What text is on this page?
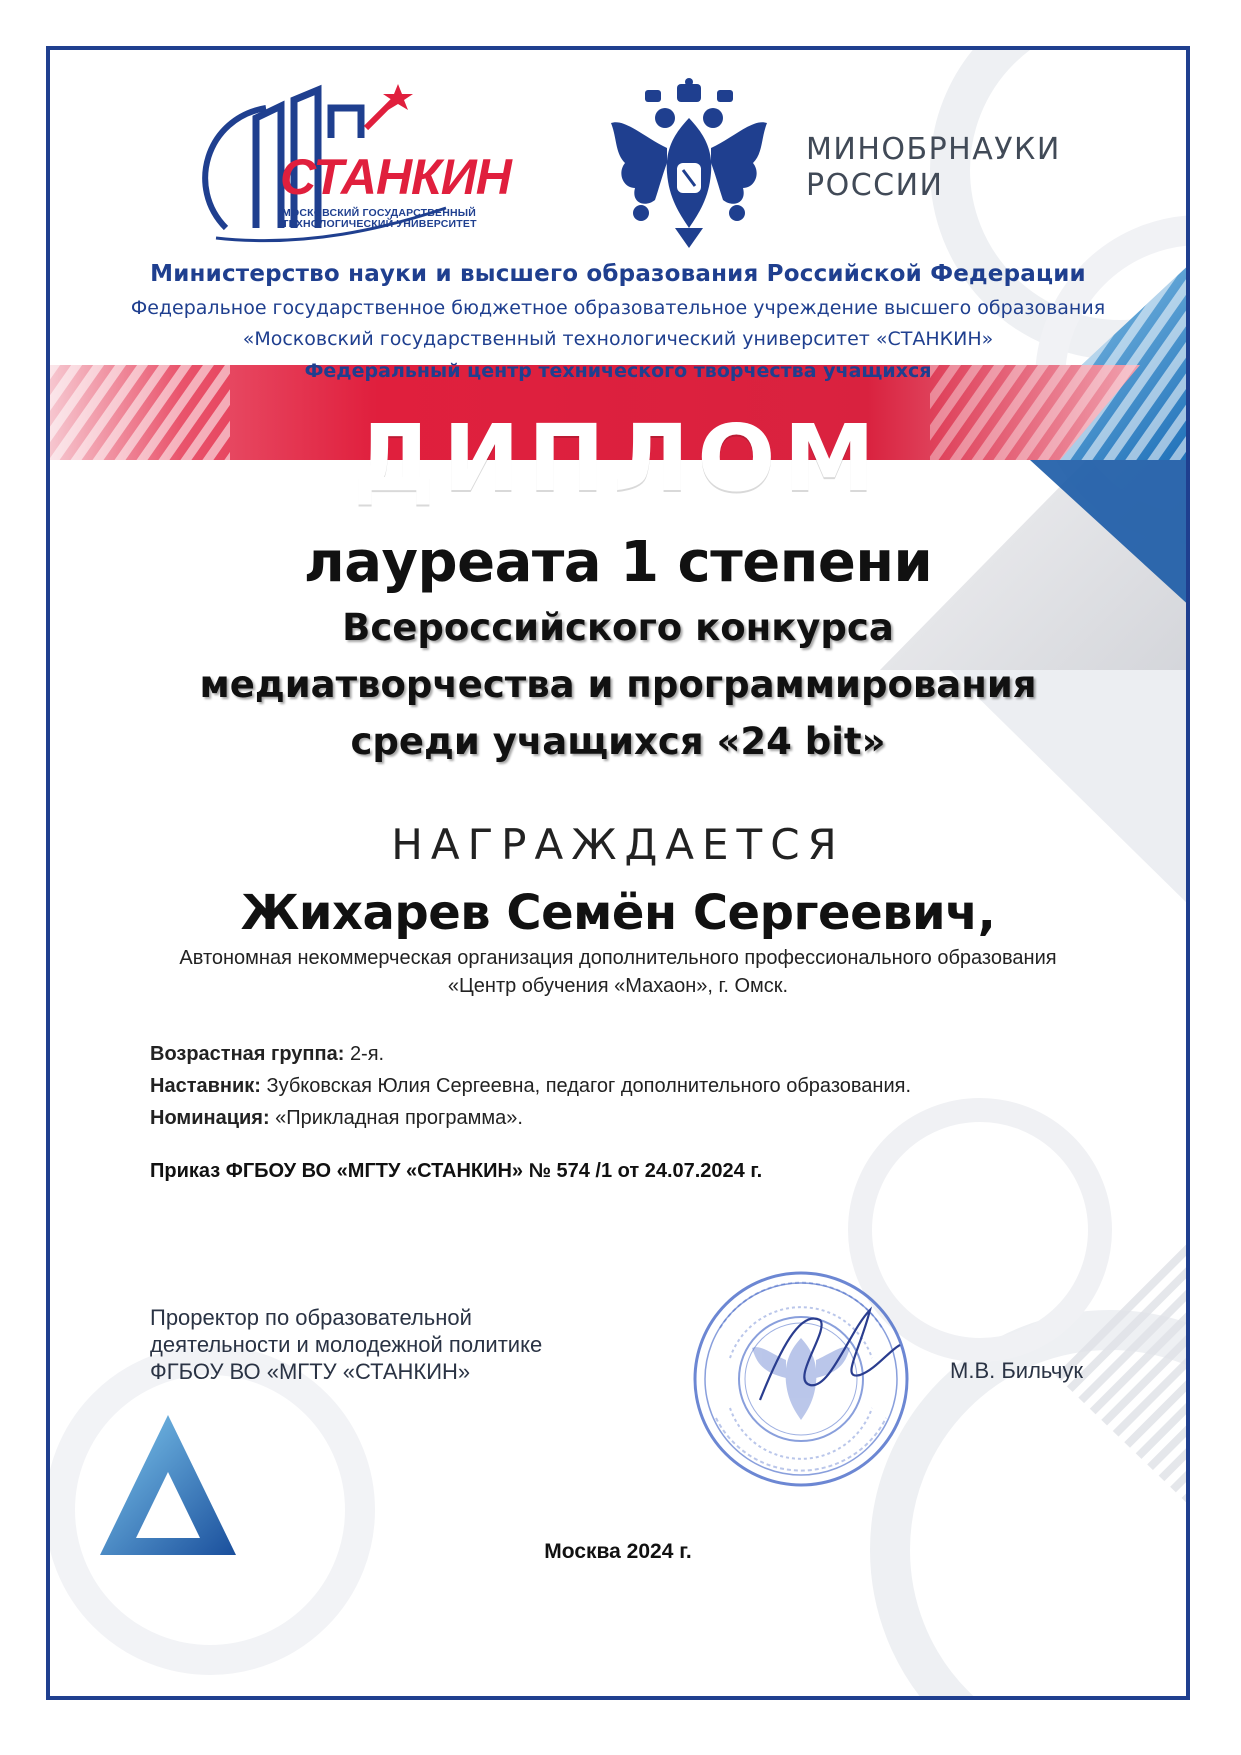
СТАНКИН
МОСКОВСКИЙ ГОСУДАРСТВЕННЫЙ
ТЕХНОЛОГИЧЕСКИЙ УНИВЕРСИТЕТ
МИНОБРНАУКИ
РОССИИ
Министерство науки и высшего образования Российской Федерации
Федеральное государственное бюджетное образовательное учреждение высшего образования
«Московский государственный технологический университет «СТАНКИН»
Федеральный центр технического творчества учащихся
ДИПЛОМ
лауреата 1 степени
Всероссийского конкурса
медиатворчества и программирования
среди учащихся «24 bit»
НАГРАЖДАЕТСЯ
Жихарев Семён Сергеевич,
Автономная некоммерческая организация дополнительного профессионального образования
«Центр обучения «Махаон», г. Омск.
Возрастная группа: 2-я.
Наставник: Зубковская Юлия Сергеевна, педагог дополнительного образования.
Номинация: «Прикладная программа».
Приказ ФГБОУ ВО «МГТУ «СТАНКИН» № 574 /1 от 24.07.2024 г.
Проректор по образовательной
деятельности и молодежной политике
ФГБОУ ВО «МГТУ «СТАНКИН»	М.В. Бильчук
Москва 2024 г.
